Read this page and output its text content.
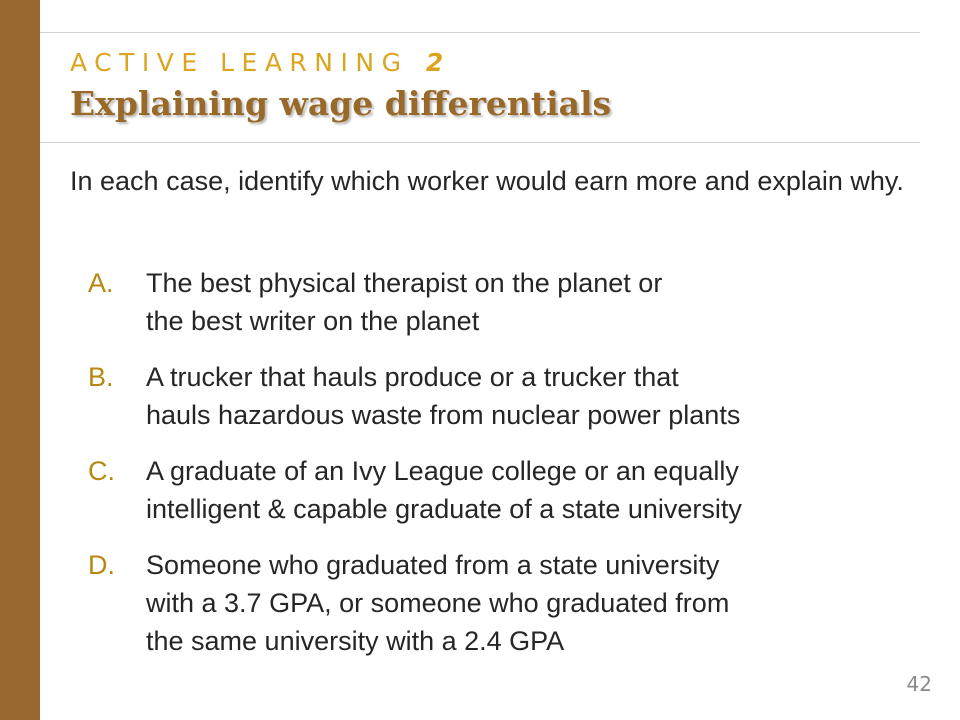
ACTIVE LEARNING 2
Explaining wage differentials

In each case, identify which worker would earn more and explain why.

A. The best physical therapist on the planet or
the best writer on the planet
B. A trucker that hauls produce or a trucker that
hauls hazardous waste from nuclear power plants
C. A graduate of an Ivy League college or an equally
intelligent & capable graduate of a state university
D. Someone who graduated from a state university
with a 3.7 GPA, or someone who graduated from
the same university with a 2.4 GPA
42
